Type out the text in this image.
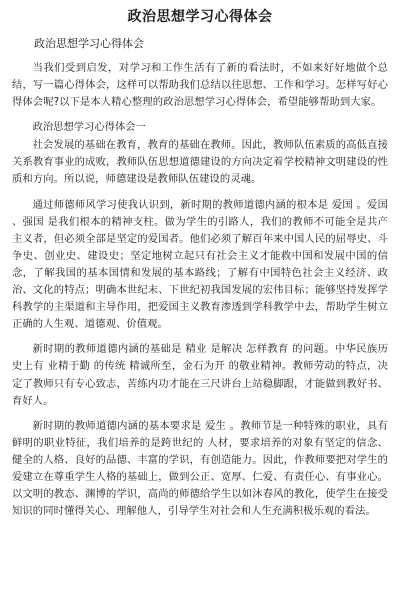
政治思想学习心得体会
政治思想学习心得体会

当我们受到启发，对学习和工作生活有了新的看法时，不如来好好地做个总结，写一篇心得体会，这样可以帮助我们总结以往思想、工作和学习。怎样写好心得体会呢?以下是本人精心整理的政治思想学习心得体会，希望能够帮助到大家。

政治思想学习心得体会一

社会发展的基础在教育，教育的基础在教师。因此，教师队伍素质的高低直接关系教育事业的成败，教师队伍思想道德建设的方向决定着学校精神文明建设的性质和方向。所以说，师德建设是教师队伍建设的灵魂。

通过师德师风学习使我认识到，新时期的教师道德内涵的根本是 爱国 。爱国 、强国 是我们根本的精神支柱。做为学生的引路人，我们的教师不可能全是共产主义者，但必须全部是坚定的爱国者。他们必须了解百年来中国人民的屈辱史、斗争史、创业史、建设史；坚定地树立起只有社会主义才能救中国和发展中国的信念，了解我国的基本国情和发展的基本路线；了解有中国特色社会主义经济、政治、文化的特点；明确本世纪末、下世纪初我国发展的宏伟目标；能够坚持发挥学科教学的主渠道和主导作用，把爱国主义教育渗透到学科教学中去，帮助学生树立正确的人生观、道德观、价值观。

新时期的教师道德内涵的基础是 精业 是解决 怎样教育 的问题。中华民族历史上有 业精于勤 的传统 精诚所至，金石为开 的敬业精神。教师劳动的特点，决定了教师只有专心致志，苦练内功才能在三尺讲台上站稳脚跟，才能做到教好书、育好人。

新时期的教师道德内涵的基本要求是 爱生 。教师节是一种特殊的职业，具有鲜明的职业特征，我们培养的是跨世纪的 人材，要求培养的对象有坚定的信念、健全的人格、良好的品德、丰富的学识，有创造能力。因此，作教师要把对学生的爱建立在尊重学生人格的基础上，做到公正、宽厚、仁爱、有责任心、有事业心。以文明的教态、渊博的学识，高尚的师德给学生以如沐春风的教化，使学生在接受知识的同时懂得关心、理解他人，引导学生对社会和人生充满积极乐观的看法。
